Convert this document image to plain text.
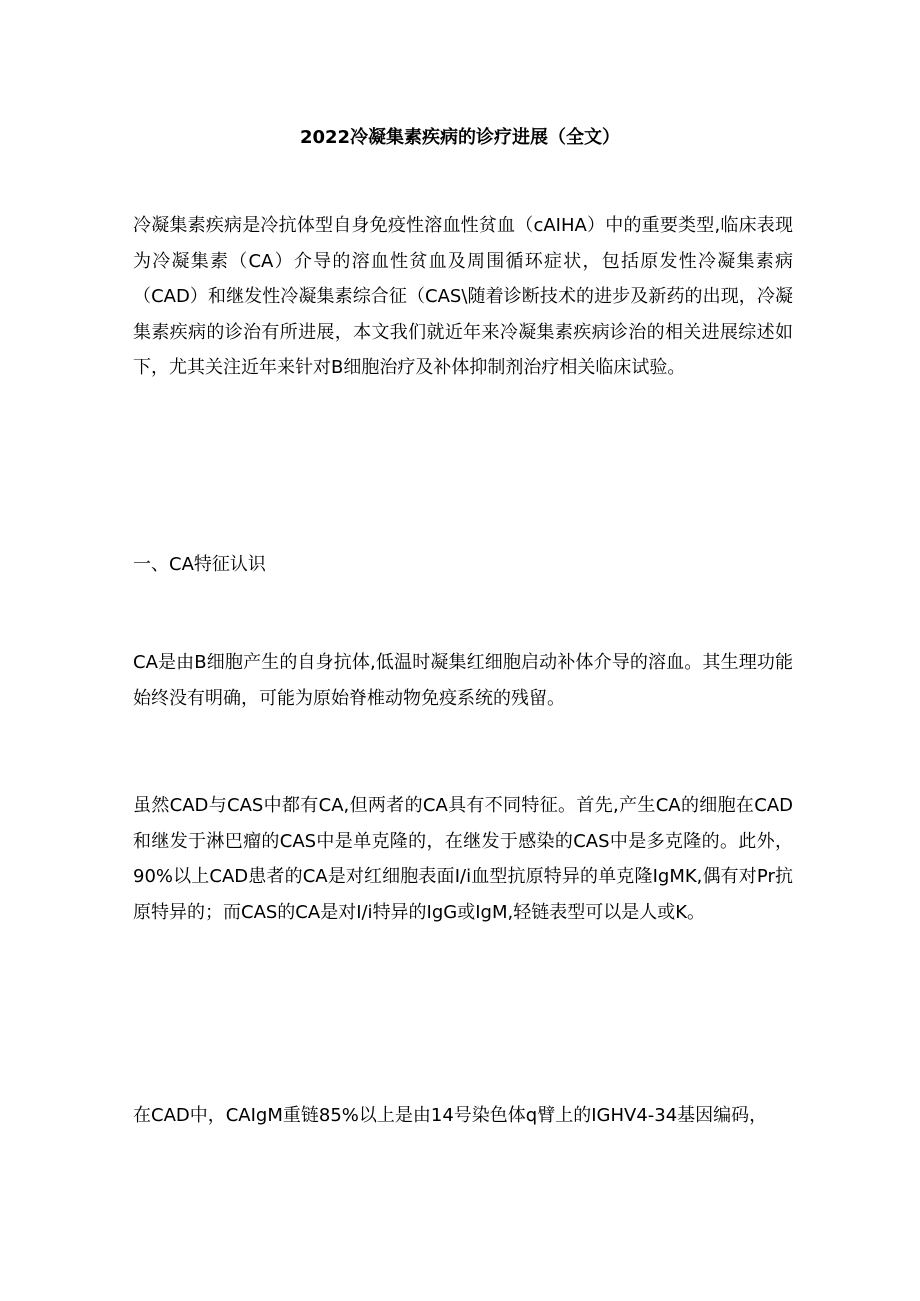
2022冷凝集素疾病的诊疗进展（全文）

冷凝集素疾病是冷抗体型自身免疫性溶血性贫血（cAIHA）中的重要类型,临床表现为冷凝集素（CA）介导的溶血性贫血及周围循环症状，包括原发性冷凝集素病（CAD）和继发性冷凝集素综合征（CAS\随着诊断技术的进步及新药的出现，冷凝集素疾病的诊治有所进展，本文我们就近年来冷凝集素疾病诊治的相关进展综述如下，尤其关注近年来针对B细胞治疗及补体抑制剂治疗相关临床试验。

一、CA特征认识

CA是由B细胞产生的自身抗体,低温时凝集红细胞启动补体介导的溶血。其生理功能始终没有明确，可能为原始脊椎动物免疫系统的残留。

虽然CAD与CAS中都有CA,但两者的CA具有不同特征。首先,产生CA的细胞在CAD和继发于淋巴瘤的CAS中是单克隆的，在继发于感染的CAS中是多克隆的。此外，90%以上CAD患者的CA是对红细胞表面I/i血型抗原特异的单克隆IgMK,偶有对Pr抗原特异的；而CAS的CA是对I/i特异的IgG或IgM,轻链表型可以是人或K。

在CAD中，CAIgM重链85%以上是由14号染色体q臂上的IGHV4-34基因编码，
